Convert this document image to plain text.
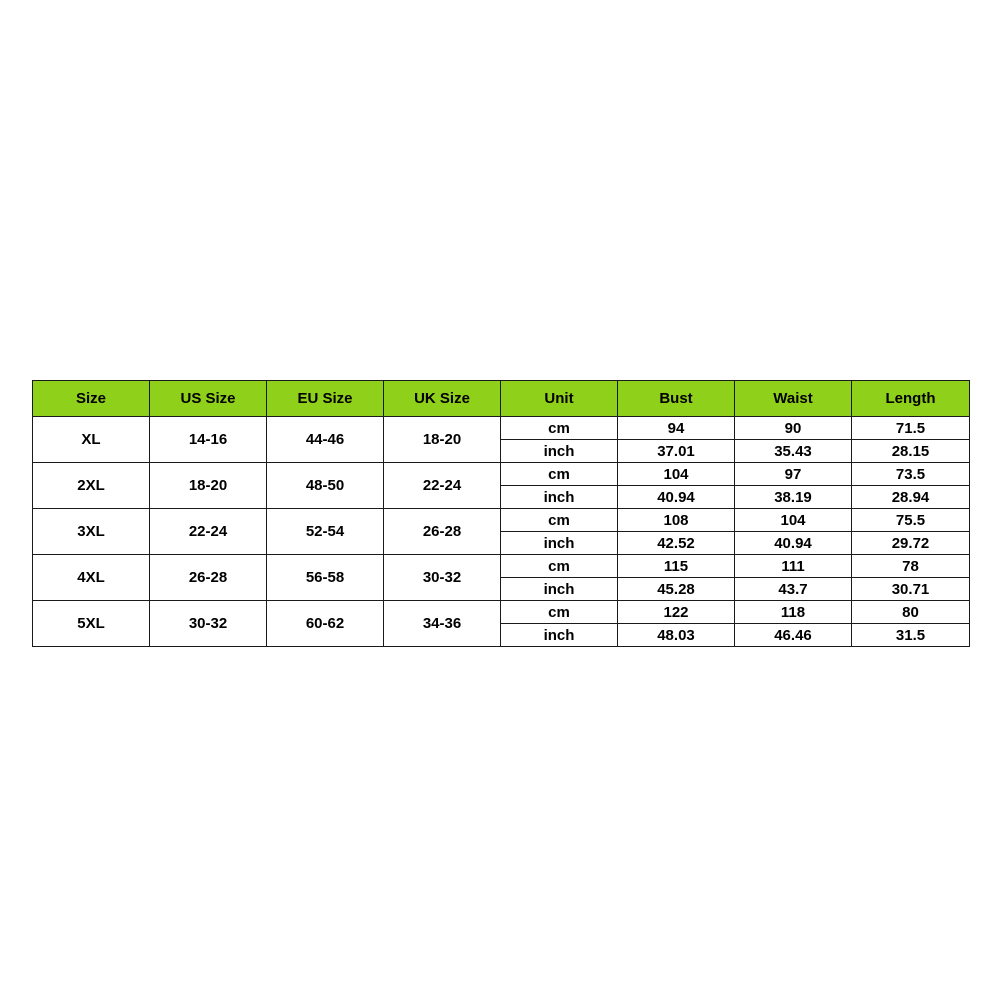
Size	US Size	EU Size	UK Size	Unit	Bust	Waist	Length
XL	14-16	44-46	18-20	cm	94	90	71.5
				inch	37.01	35.43	28.15
2XL	18-20	48-50	22-24	cm	104	97	73.5
				inch	40.94	38.19	28.94
3XL	22-24	52-54	26-28	cm	108	104	75.5
				inch	42.52	40.94	29.72
4XL	26-28	56-58	30-32	cm	115	111	78
				inch	45.28	43.7	30.71
5XL	30-32	60-62	34-36	cm	122	118	80
				inch	48.03	46.46	31.5
